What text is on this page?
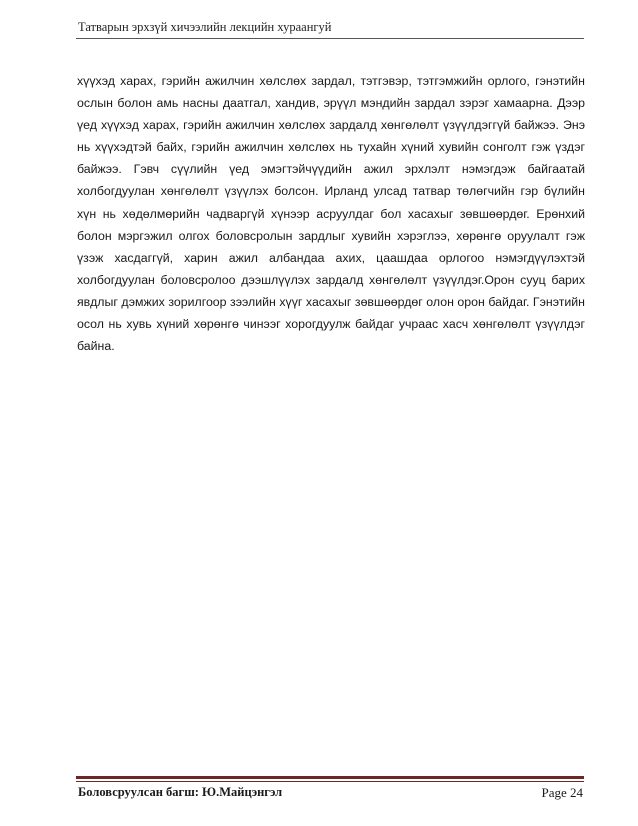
Татварын эрхзүй хичээлийн лекцийн хураангуй

хүүхэд харах, гэрийн ажилчин хөлслөх зардал, тэтгэвэр, тэтгэмжийн орлого, гэнэтийн ослын болон амь насны даатгал, хандив, эрүүл мэндийн зардал зэрэг хамаарна. Дээр үед хүүхэд харах, гэрийн ажилчин хөлслөх зардалд хөнгөлөлт үзүүлдэггүй байжээ. Энэ нь хүүхэдтэй байх, гэрийн ажилчин хөлслөх нь тухайн хүний хувийн сонголт гэж үздэг байжээ. Гэвч сүүлийн үед эмэгтэйчүүдийн ажил эрхлэлт нэмэгдэж байгаатай холбогдуулан хөнгөлөлт үзүүлэх болсон. Ирланд улсад татвар төлөгчийн гэр бүлийн хүн нь хөдөлмөрийн чадваргүй хүнээр асруулдаг бол хасахыг зөвшөөрдөг. Ерөнхий болон мэргэжил олгох боловсролын зардлыг хувийн хэрэглээ, хөрөнгө оруулалт гэж үзэж хасдаггүй, харин ажил албандаа ахих, цаашдаа орлогоо нэмэгдүүлэхтэй холбогдуулан боловсролоо дээшлүүлэх зардалд хөнгөлөлт үзүүлдэг.Орон сууц барих явдлыг дэмжих зорилгоор зээлийн хүүг хасахыг зөвшөөрдөг олон орон байдаг. Гэнэтийн осол нь хувь хүний хөрөнгө чинээг хорогдуулж байдаг учраас хасч хөнгөлөлт үзүүлдэг байна.

Боловсруулсан багш: Ю.Майцэнгэл	Page 24
